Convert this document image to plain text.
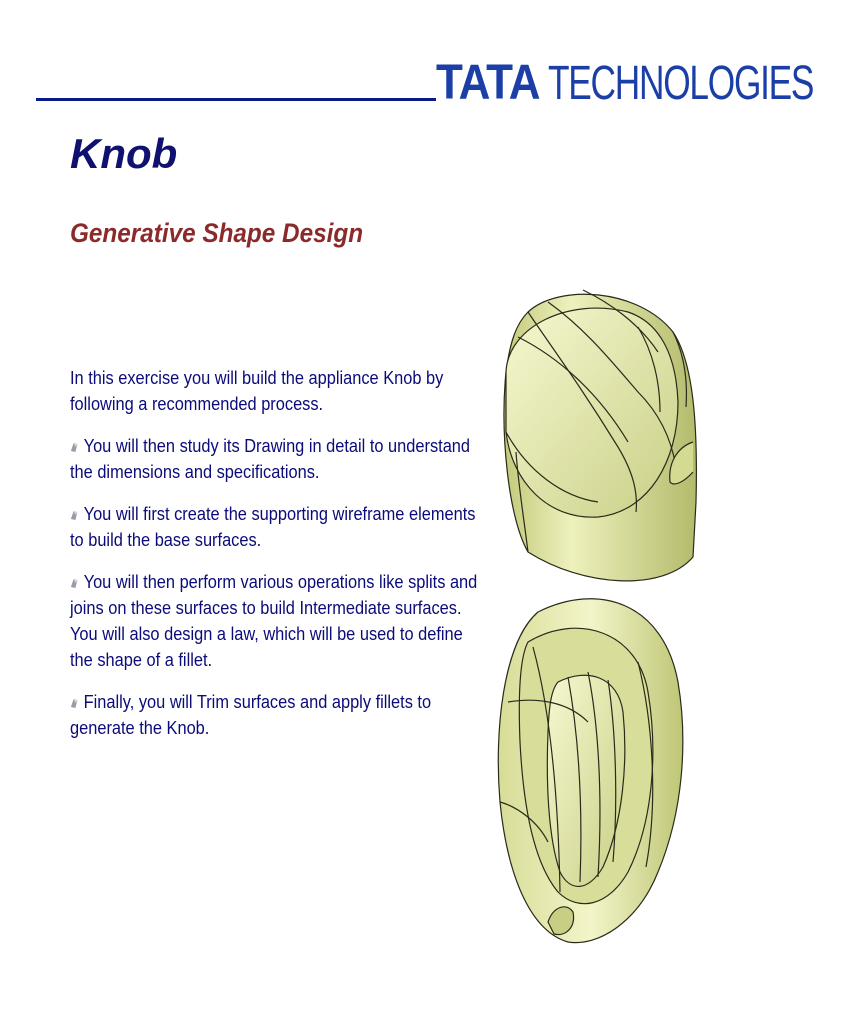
TATA TECHNOLOGIES
Knob
Generative Shape Design

In this exercise you will build the appliance Knob by following a recommended process.

You will then study its Drawing in detail to understand the dimensions and specifications.

You will first create the supporting wireframe elements to build the base surfaces.

You will then perform various operations like splits and joins on these surfaces to build Intermediate surfaces. You will also design a law, which will be used to define the shape of a fillet.

Finally, you will Trim surfaces and apply fillets to generate the Knob.
